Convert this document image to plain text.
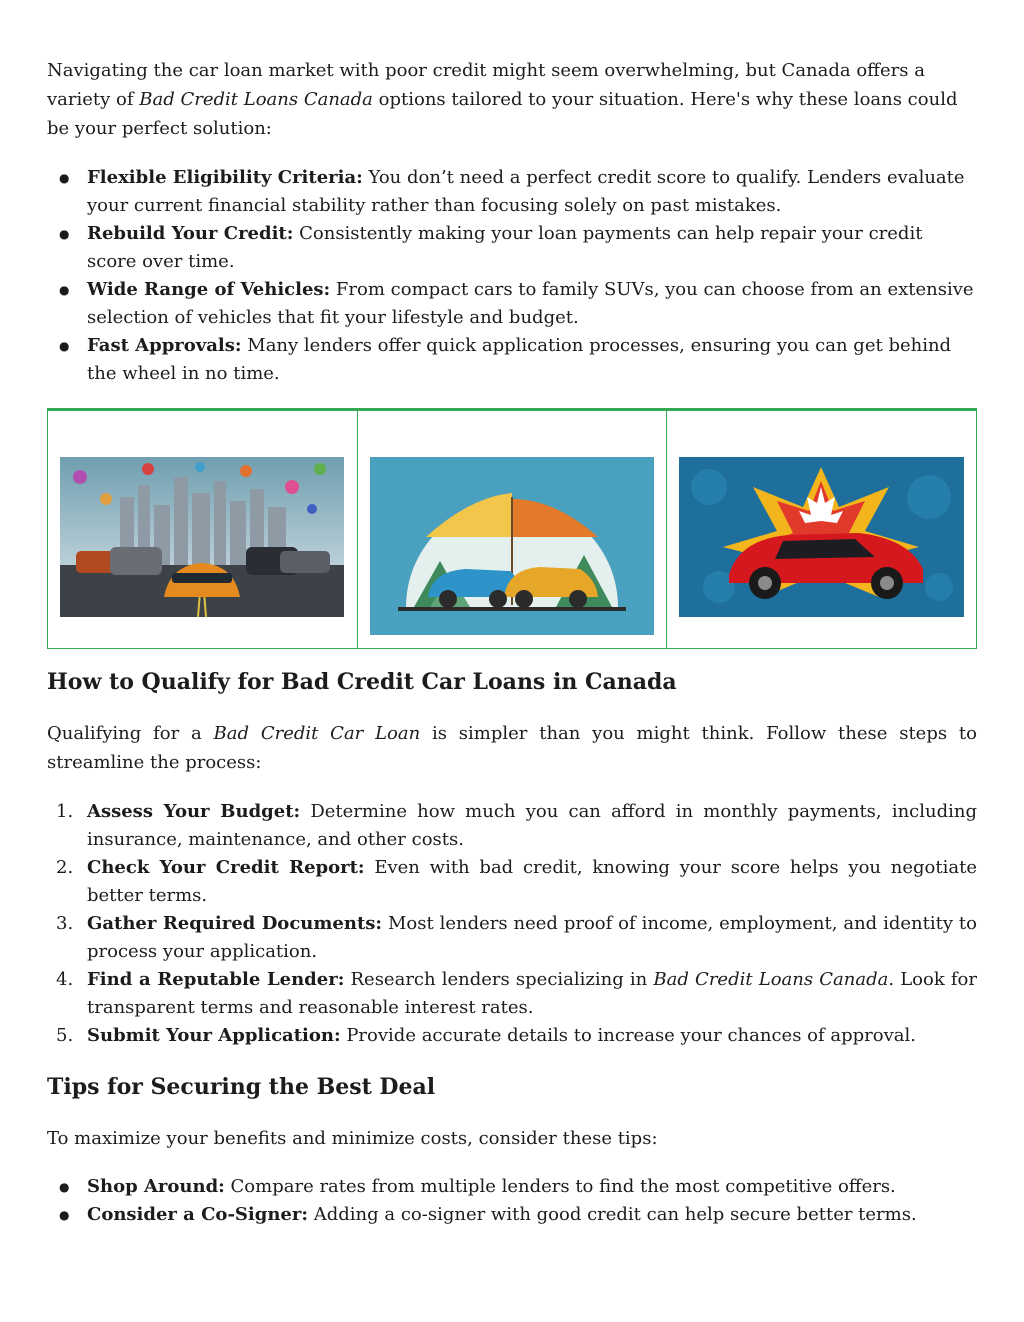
Navigating the car loan market with poor credit might seem overwhelming, but Canada offers a variety of Bad Credit Loans Canada options tailored to your situation. Here's why these loans could be your perfect solution:

● Flexible Eligibility Criteria: You don’t need a perfect credit score to qualify. Lenders evaluate your current financial stability rather than focusing solely on past mistakes.
● Rebuild Your Credit: Consistently making your loan payments can help repair your credit score over time.
● Wide Range of Vehicles: From compact cars to family SUVs, you can choose from an extensive selection of vehicles that fit your lifestyle and budget.
● Fast Approvals: Many lenders offer quick application processes, ensuring you can get behind the wheel in no time.
How to Qualify for Bad Credit Car Loans in Canada

Qualifying for a Bad Credit Car Loan is simpler than you might think. Follow these steps to streamline the process:

1. Assess Your Budget: Determine how much you can afford in monthly payments, including insurance, maintenance, and other costs.
2. Check Your Credit Report: Even with bad credit, knowing your score helps you negotiate better terms.
3. Gather Required Documents: Most lenders need proof of income, employment, and identity to process your application.
4. Find a Reputable Lender: Research lenders specializing in Bad Credit Loans Canada. Look for transparent terms and reasonable interest rates.
5. Submit Your Application: Provide accurate details to increase your chances of approval.
Tips for Securing the Best Deal

To maximize your benefits and minimize costs, consider these tips:

● Shop Around: Compare rates from multiple lenders to find the most competitive offers.
● Consider a Co-Signer: Adding a co-signer with good credit can help secure better terms.
